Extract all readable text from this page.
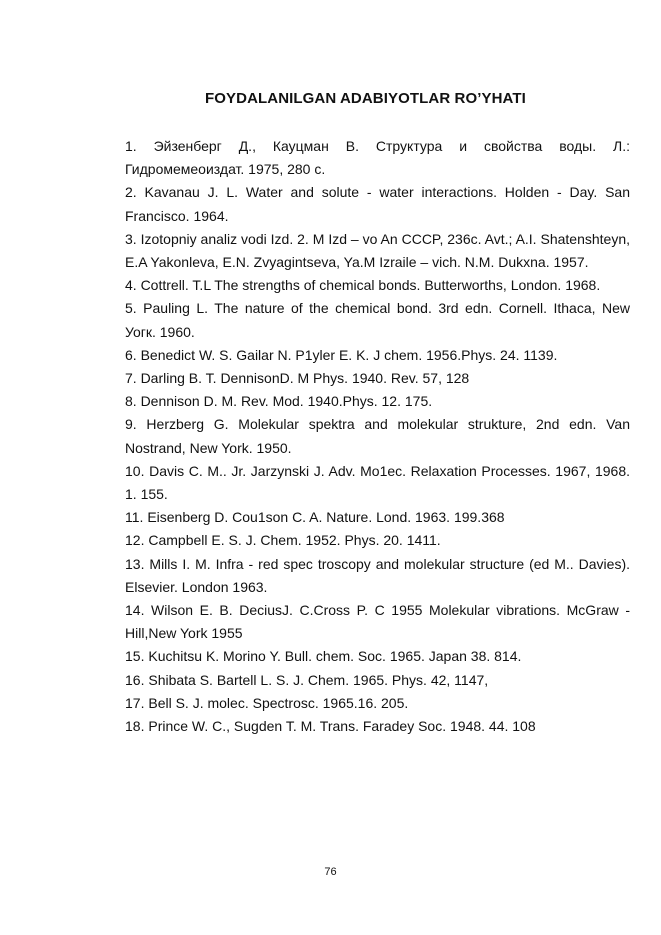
FOYDALANILGAN ADABIYOTLAR RO’YHATI

1. Эйзенберг Д., Кауцман В. Структура и свойства воды. Л.: Гидромемеоиздат. 1975, 280 c.

2. Kavanau J. L. Water and solute - water interactions. Holden - Day. San Francisco. 1964.

3. Izotopniy analiz vodi Izd. 2. M Izd – vo An CCCP, 236c. Avt.; A.I. Shatenshteyn, E.A Yakonleva, E.N. Zvyagintseva, Ya.M Izraile – vich. N.M. Dukxna. 1957.

4. Cottrell. T.L The strengths of chemical bonds. Butterworths, London. 1968.

5. Pauling L. The nature of the chemical bond. 3rd edn. Cornell. Ithaca, New Уогк. 1960.

6. Benedict W. S. Gailar N. P1yler E. K. J chem. 1956.Phys. 24. 1139.

7. Darling B. T. DennisonD. M Phys. 1940. Rev. 57, 128

8. Dennison D. M. Rev. Mod. 1940.Phys. 12. 175.

9. Herzberg G. Molekular spektra and molekular strukture, 2nd edn. Van Nostrand, New York. 1950.

10. Davis C. M.. Jr. Jarzynski J. Adv. Mo1ec. Relaxation Processes. 1967, 1968. 1. 155.

11. Eisenberg D. Cou1son C. A. Nature. Lond. 1963. 199.368

12. Campbell E. S. J. Chem. 1952. Phys. 20. 1411.

13. Mills I. M. Infra - red spec troscopy and molekular structure (ed M.. Davies). Elsevier. London 1963.

14. Wilson E. B. DeciusJ. C.Cross P. C 1955 Molekular vibrations. McGraw - Hill,New York 1955

15. Kuchitsu K. Morino Y. Bull. chem. Soc. 1965. Japan 38. 814.

16. Shibata S. Bartell L. S. J. Chem. 1965. Phys. 42, 1147,

17. Bell S. J. molec. Spectrosc. 1965.16. 205.

18. Prince W. C., Sugden T. M. Trans. Faradey Soc. 1948. 44. 108

76
